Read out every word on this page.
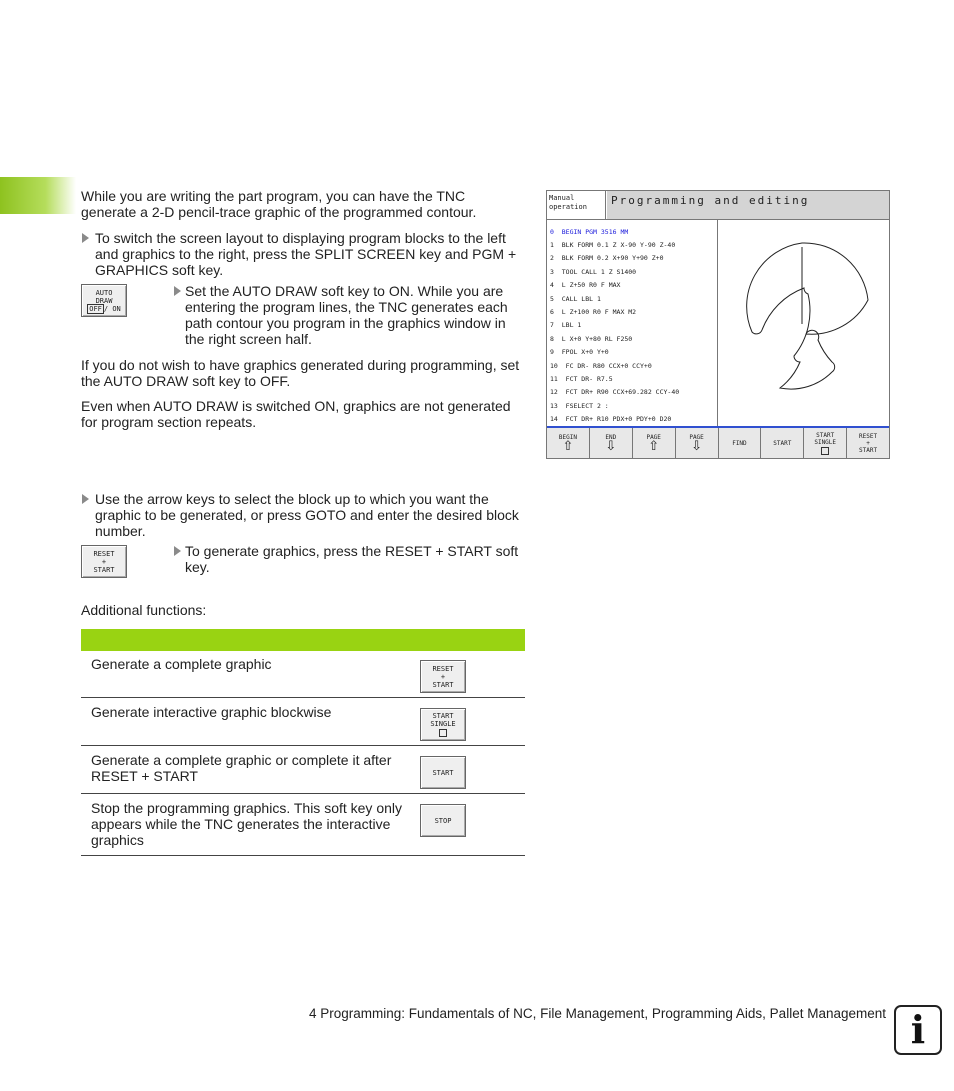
While you are writing the part program, you can have the TNC generate a 2-D pencil-trace graphic of the programmed contour.
To switch the screen layout to displaying program blocks to the left and graphics to the right, press the SPLIT SCREEN key and PGM + GRAPHICS soft key.
AUTO
DRAW
OFF / ON
Set the AUTO DRAW soft key to ON. While you are entering the program lines, the TNC generates each path contour you program in the graphics window in the right screen half.
If you do not wish to have graphics generated during programming, set the AUTO DRAW soft key to OFF.
Even when AUTO DRAW is switched ON, graphics are not generated for program section repeats.
Use the arrow keys to select the block up to which you want the graphic to be generated, or press GOTO and enter the desired block number.
RESET
+
START
To generate graphics, press the RESET + START soft key.
Additional functions:
Generate a complete graphic	RESET
+
START
Generate interactive graphic blockwise	START
SINGLE
Generate a complete graphic or complete it after RESET + START	START
Stop the programming graphics. This soft key only appears while the TNC generates the interactive graphics
STOP
Manual
operation	Programming and editing
0  BEGIN PGM 3516 MM
1  BLK FORM 0.1 Z X-90 Y-90 Z-40
2  BLK FORM 0.2 X+90 Y+90 Z+0
3  TOOL CALL 1 Z S1400
4  L Z+50 R0 F MAX
5  CALL LBL 1
6  L Z+100 R0 F MAX M2
7  LBL 1
8  L X+0 Y+80 RL F250
9  FPOL X+0 Y+0
10  FC DR- R80 CCX+0 CCY+0
11  FCT DR- R7.5
12  FCT DR+ R90 CCX+69.282 CCY-40
13  FSELECT 2 :
14  FCT DR+ R10 PDX+0 PDY+0 D20
BEGIN
⇧
END
⇩
PAGE
⇧
PAGE
⇩	FIND	START
START
SINGLE
RESET
+
START
4 Programming: Fundamentals of NC, File Management, Programming Aids, Pallet Management i
